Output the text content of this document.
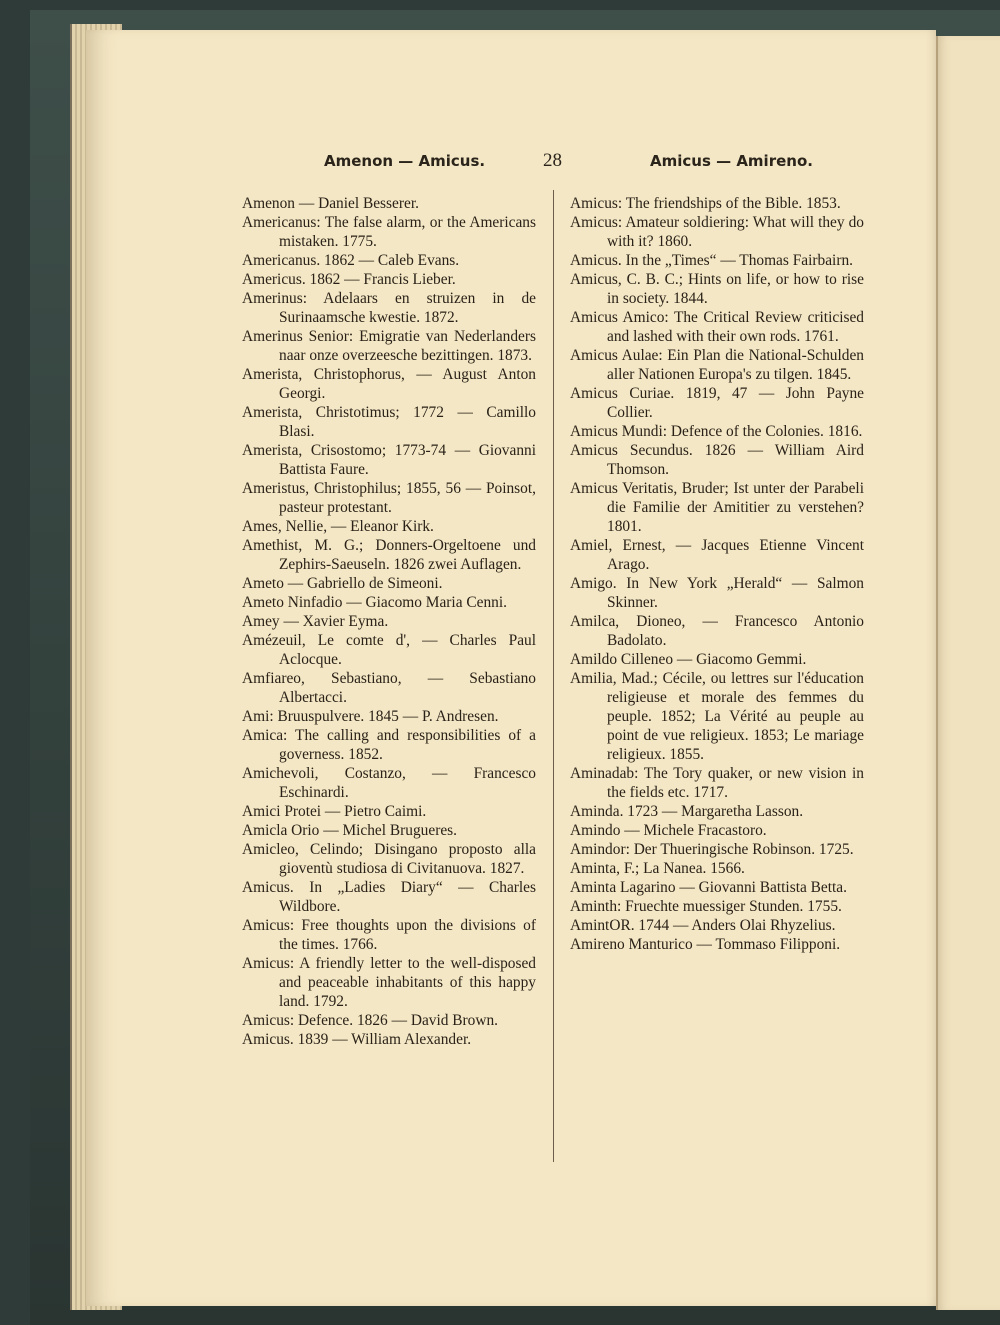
Amenon — Amicus.	28	Amicus — Amireno.

Amenon — Daniel Besserer.

Americanus: The false alarm, or the Americans mistaken. 1775.

Americanus. 1862 — Caleb Evans.

Americus. 1862 — Francis Lieber.

Amerinus: Adelaars en struizen in de Surinaamsche kwestie. 1872.

Amerinus Senior: Emigratie van Nederlanders naar onze overzeesche bezittingen. 1873.

Amerista, Christophorus, — August Anton Georgi.

Amerista, Christotimus; 1772 — Camillo Blasi.

Amerista, Crisostomo; 1773-74 — Giovanni Battista Faure.

Ameristus, Christophilus; 1855, 56 — Poinsot, pasteur protestant.

Ames, Nellie, — Eleanor Kirk.

Amethist, M. G.; Donners-Orgeltoene und Zephirs-Saeuseln. 1826 zwei Auflagen.

Ameto — Gabriello de Simeoni.

Ameto Ninfadio — Giacomo Maria Cenni.

Amey — Xavier Eyma.

Amézeuil, Le comte d', — Charles Paul Aclocque.

Amfiareo, Sebastiano, — Sebastiano Albertacci.

Ami: Bruuspulvere. 1845 — P. Andresen.

Amica: The calling and responsibilities of a governess. 1852.

Amichevoli, Costanzo, — Francesco Eschinardi.

Amici Protei — Pietro Caimi.

Amicla Orio — Michel Brugueres.

Amicleo, Celindo; Disingano proposto alla gioventù studiosa di Civitanuova. 1827.

Amicus. In „Ladies Diary“ — Charles Wildbore.

Amicus: Free thoughts upon the divisions of the times. 1766.

Amicus: A friendly letter to the well-disposed and peaceable inhabitants of this happy land. 1792.

Amicus: Defence. 1826 — David Brown.

Amicus. 1839 — William Alexander.

Amicus: The friendships of the Bible. 1853.

Amicus: Amateur soldiering: What will they do with it? 1860.

Amicus. In the „Times“ — Thomas Fairbairn.

Amicus, C. B. C.; Hints on life, or how to rise in society. 1844.

Amicus Amico: The Critical Review criticised and lashed with their own rods. 1761.

Amicus Aulae: Ein Plan die National-Schulden aller Nationen Europa's zu tilgen. 1845.

Amicus Curiae. 1819, 47 — John Payne Collier.

Amicus Mundi: Defence of the Colonies. 1816.

Amicus Secundus. 1826 — William Aird Thomson.

Amicus Veritatis, Bruder; Ist unter der Parabeli die Familie der Amititier zu verstehen? 1801.

Amiel, Ernest, — Jacques Etienne Vincent Arago.

Amigo. In New York „Herald“ — Salmon Skinner.

Amilca, Dioneo, — Francesco Antonio Badolato.

Amildo Cilleneo — Giacomo Gemmi.

Amilia, Mad.; Cécile, ou lettres sur l'éducation religieuse et morale des femmes du peuple. 1852; La Vérité au peuple au point de vue religieux. 1853; Le mariage religieux. 1855.

Aminadab: The Tory quaker, or new vision in the fields etc. 1717.

Aminda. 1723 — Margaretha Lasson.

Amindo — Michele Fracastoro.

Amindor: Der Thueringische Robinson. 1725.

Aminta, F.; La Nanea. 1566.

Aminta Lagarino — Giovanni Battista Betta.

Aminth: Fruechte muessiger Stunden. 1755.

AmintOR. 1744 — Anders Olai Rhyzelius.

Amireno Manturico — Tommaso Filipponi.
